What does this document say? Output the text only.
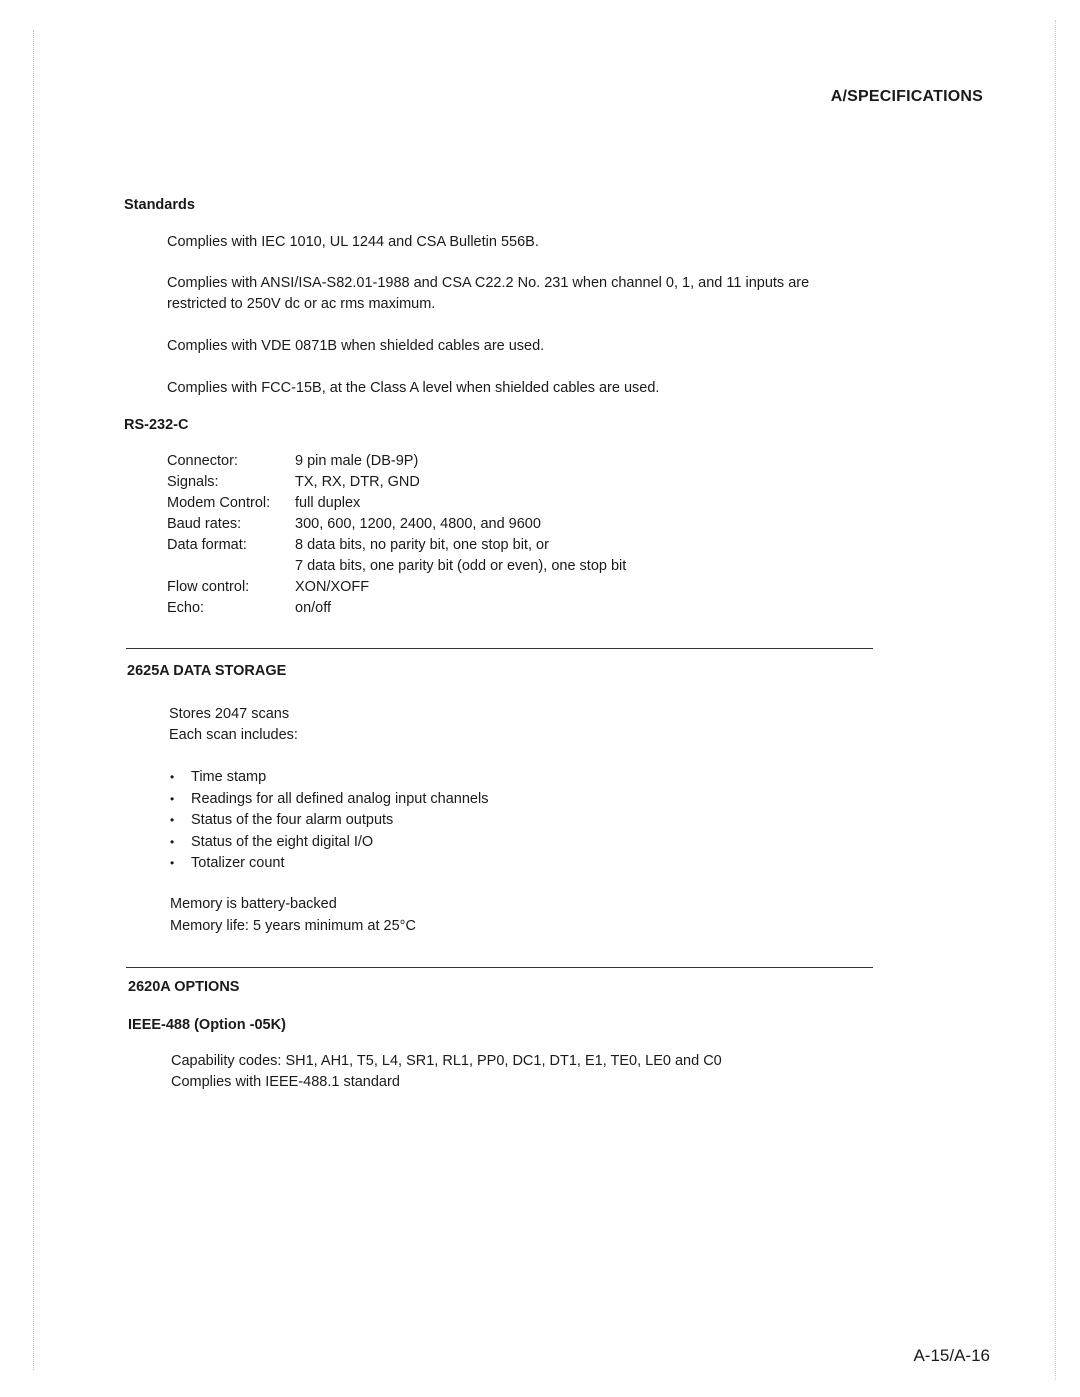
A/SPECIFICATIONS
Standards
Complies with IEC 1010, UL 1244 and CSA Bulletin 556B.
Complies with ANSI/ISA-S82.01-1988 and CSA C22.2 No. 231 when channel 0, 1, and 11 inputs are
restricted to 250V dc or ac rms maximum.
Complies with VDE 0871B when shielded cables are used.
Complies with FCC-15B, at the Class A level when shielded cables are used.
RS-232-C
Connector:	9 pin male (DB-9P)
Signals:	TX, RX, DTR, GND
Modem Control:	full duplex
Baud rates:	300, 600, 1200, 2400, 4800, and 9600
Data format:	8 data bits, no parity bit, one stop bit, or
	7 data bits, one parity bit (odd or even), one stop bit
Flow control:	XON/XOFF
Echo:	on/off
2625A DATA STORAGE
Stores 2047 scans
Each scan includes:
• Time stamp
• Readings for all defined analog input channels
• Status of the four alarm outputs
• Status of the eight digital I/O
• Totalizer count
Memory is battery-backed
Memory life: 5 years minimum at 25°C
2620A OPTIONS
IEEE-488 (Option -05K)
Capability codes: SH1, AH1, T5, L4, SR1, RL1, PP0, DC1, DT1, E1, TE0, LE0 and C0
Complies with IEEE-488.1 standard
A-15/A-16
